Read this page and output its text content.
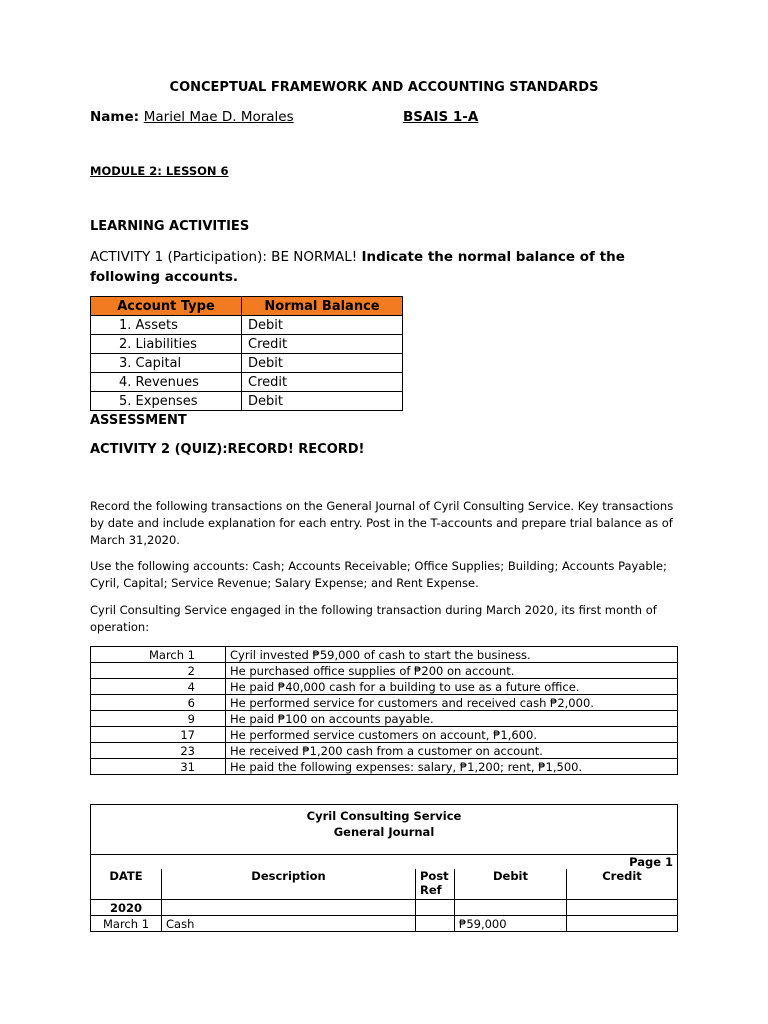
CONCEPTUAL FRAMEWORK AND ACCOUNTING STANDARDS
Name: Mariel Mae D. Morales	BSAIS 1-A
MODULE 2: LESSON 6
LEARNING ACTIVITIES
ACTIVITY 1 (Participation): BE NORMAL! Indicate the normal balance of the following accounts.
Account Type	Normal Balance
1. Assets	Debit
2. Liabilities	Credit
3. Capital	Debit
4. Revenues	Credit
5. Expenses	Debit
ASSESSMENT
ACTIVITY 2 (QUIZ):RECORD! RECORD!
Record the following transactions on the General Journal of Cyril Consulting Service. Key transactions by date and include explanation for each entry. Post in the T-accounts and prepare trial balance as of March 31,2020.
Use the following accounts: Cash; Accounts Receivable; Office Supplies; Building; Accounts Payable; Cyril, Capital; Service Revenue; Salary Expense; and Rent Expense.
Cyril Consulting Service engaged in the following transaction during March 2020, its first month of operation:
March 1	Cyril invested ₱59,000 of cash to start the business.
2	He purchased office supplies of ₱200 on account.
4	He paid ₱40,000 cash for a building to use as a future office.
6	He performed service for customers and received cash ₱2,000.
9	He paid ₱100 on accounts payable.
17	He performed service customers on account, ₱1,600.
23	He received ₱1,200 cash from a customer on account.
31	He paid the following expenses: salary, ₱1,200; rent, ₱1,500.
Cyril Consulting Service
General Journal				

Page 1				
DATE	Description	Post Ref	Debit	Credit
2020				
March 1	Cash		₱59,000	
